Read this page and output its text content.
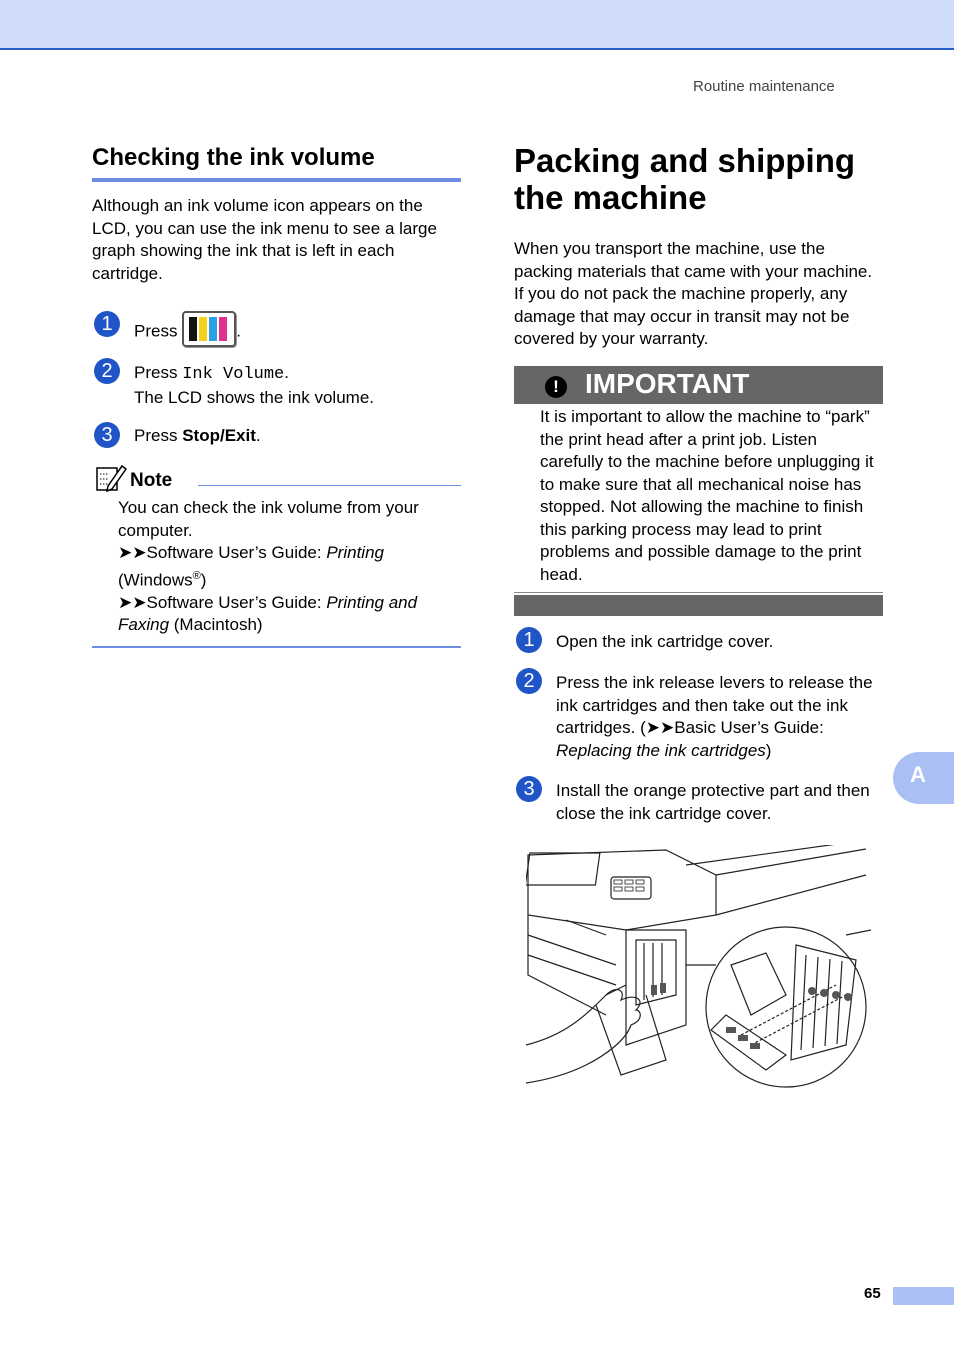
Routine maintenance
Checking the ink volume

Although an ink volume icon appears on the LCD, you can use the ink menu to see a large graph showing the ink that is left in each cartridge.

1	Press	.
2	Press Ink Volume.
The LCD shows the ink volume.
3	Press Stop/Exit.
Note
You can check the ink volume from your computer.
➤➤Software User’s Guide: Printing
(Windows®)
➤➤Software User’s Guide: Printing and
Faxing (Macintosh)
Packing and shipping
the machine

When you transport the machine, use the packing materials that came with your machine. If you do not pack the machine properly, any damage that may occur in transit may not be covered by your warranty.

! IMPORTANT

It is important to allow the machine to “park” the print head after a print job. Listen carefully to the machine before unplugging it to make sure that all mechanical noise has stopped. Not allowing the machine to finish this parking process may lead to print problems and possible damage to the print head.

1	Open the ink cartridge cover.

2	Press the ink release levers to release the ink cartridges and then take out the ink cartridges. (➤➤Basic User’s Guide:
Replacing the ink cartridges)
3	Install the orange protective part and then close the ink cartridge cover.

A
65
